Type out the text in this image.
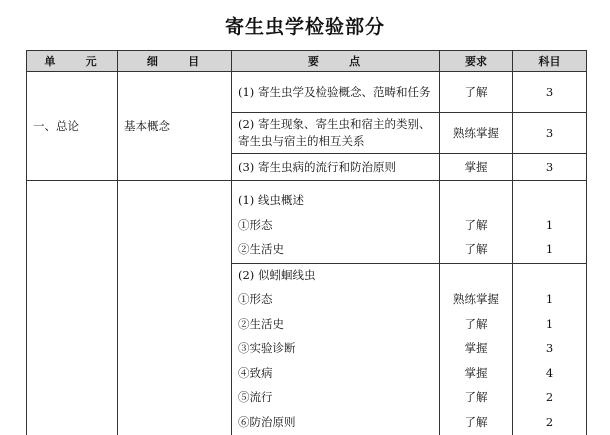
寄生虫学检验部分
单    元	细    目	要    点	要求	科目
一、总论	基本概念	(1) 寄生虫学及检验概念、范畴和任务	了解	3
		(2) 寄生现象、寄生虫和宿主的类别、寄生虫与宿主的相互关系	熟练掌握	3
		(3) 寄生虫病的流行和防治原则	掌握	3

		(1) 线虫概述		
		①形态	了解	1
		②生活史	了解	1
		(2) 似蚓蛔线虫		
		①形态	熟练掌握	1
		②生活史	了解	1
		③实验诊断	掌握	3
		④致病	掌握	4
		⑤流行	了解	2
		⑥防治原则	了解	2
